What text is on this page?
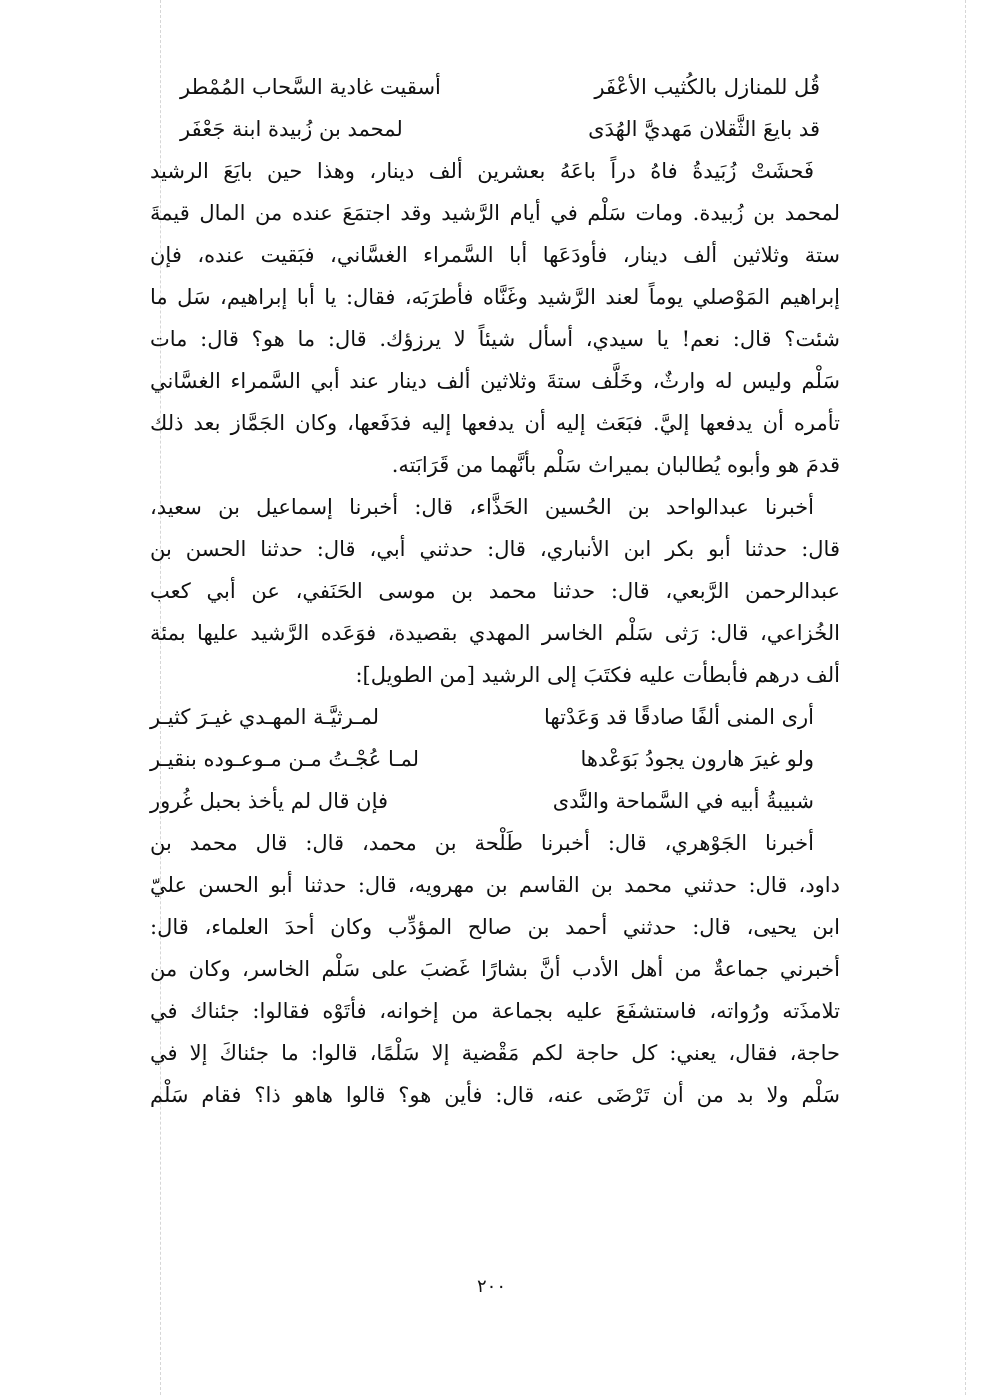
قُل للمنازل بالكُثيب الأعْفَر
أسقيت غادية السَّحاب المُمْطر
قد بايعَ الثَّقلان مَهديَّ الهُدَى
لمحمد بن زُبيدة ابنة جَعْفَر
فَحشَتْ زُبَيدةُ فاهُ دراً باعَهُ بعشرين ألف دينار، وهذا حين بايَعَ الرشيد
لمحمد بن زُبيدة. ومات سَلْم في أيام الرَّشيد وقد اجتمَعَ عنده من المال قيمةَ
ستة وثلاثين ألف دينار، فأودَعَها أبا السَّمراء الغسَّاني، فبَقيت عنده، فإن
إبراهيم المَوْصلي يوماً لعند الرَّشيد وغَنَّاه فأطرَبَه، فقال: يا أبا إبراهيم، سَل ما
شئت؟ قال: نعم! يا سيدي، أسأل شيئاً لا يرزؤك. قال: ما هو؟ قال: مات
سَلْم وليس له وارثٌ، وخَلَّف ستةَ وثلاثين ألف دينار عند أبي السَّمراء الغسَّاني
تأمره أن يدفعها إليَّ. فبَعَث إليه أن يدفعها إليه فدَفَعها، وكان الجَمَّاز بعد ذلك
قدمَ هو وأبوه يُطالبان بميراث سَلْم بأنَّهما من قَرَابَته.
أخبرنا عبدالواحد بن الحُسين الحَذَّاء، قال: أخبرنا إسماعيل بن سعيد،
قال: حدثنا أبو بكر ابن الأنباري، قال: حدثني أبي، قال: حدثنا الحسن بن
عبدالرحمن الرَّبعي، قال: حدثنا محمد بن موسى الحَنَفي، عن أبي كعب
الخُزاعي، قال: رَثى سَلْم الخاسر المهدي بقصيدة، فوَعَده الرَّشيد عليها بمئة
ألف درهم فأبطأت عليه فكتَبَ إلى الرشيد [من الطويل]:
أرى المنى ألفًا صادقًا قد وَعَدْتها
لمـرثيَّـة المهـدي غيـرَ كثيـر
ولو غيرَ هارون يجودُ بَوَعْدها
لمـا عُجْـتُ مـن مـوعـوده بنقيـر
شبيبةُ أبيه في السَّماحة والنَّدى
فإن قال لم يأخذ بحبل غُرور
أخبرنا الجَوْهري، قال: أخبرنا طَلْحة بن محمد، قال: قال محمد بن
داود، قال: حدثني محمد بن القاسم بن مهرويه، قال: حدثنا أبو الحسن عليّ
ابن يحيى، قال: حدثني أحمد بن صالح المؤدِّب وكان أحدَ العلماء، قال:
أخبرني جماعةٌ من أهل الأدب أنَّ بشارًا غَضبَ على سَلْم الخاسر، وكان من
تلامذَته ورُواته، فاستشفَعَ عليه بجماعة من إخوانه، فأتَوْه فقالوا: جئناك في
حاجة، فقال، يعني: كل حاجة لكم مَقْضية إلا سَلْمًا، قالوا: ما جئناكَ إلا في
سَلْم ولا بد من أن تَرْضَى عنه، قال: فأين هو؟ قالوا هاهو ذا؟ فقام سَلْم
٢٠٠
